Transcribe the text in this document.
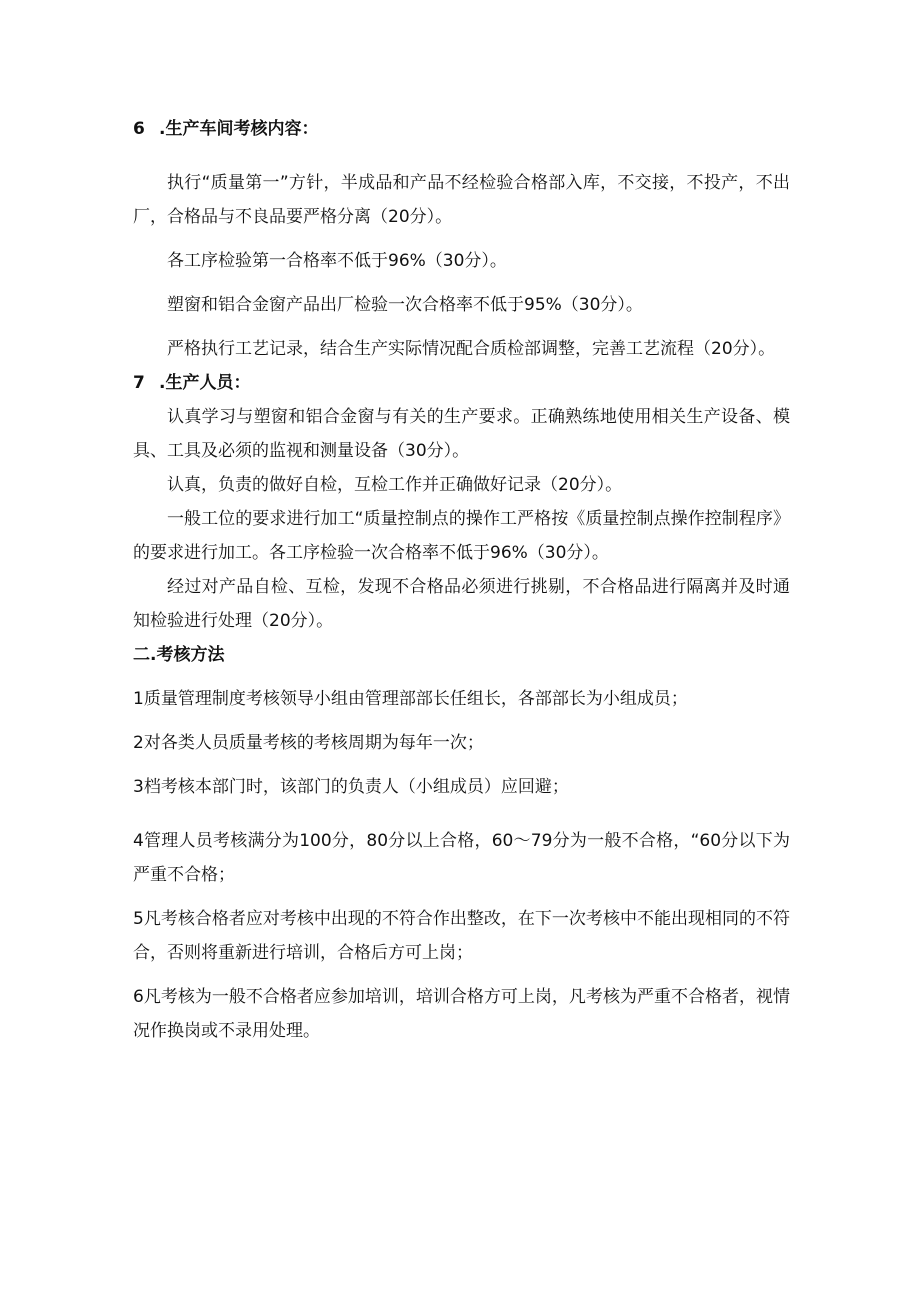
6 .生产车间考核内容：

执行“质量第一”方针，半成品和产品不经检验合格部入库，不交接，不投产，不出厂，合格品与不良品要严格分离（20分）。

各工序检验第一合格率不低于96%（30分）。

塑窗和铝合金窗产品出厂检验一次合格率不低于95%（30分）。

严格执行工艺记录，结合生产实际情况配合质检部调整，完善工艺流程（20分）。

7 .生产人员：

认真学习与塑窗和铝合金窗与有关的生产要求。正确熟练地使用相关生产设备、模具、工具及必须的监视和测量设备（30分）。

认真，负责的做好自检，互检工作并正确做好记录（20分）。

一般工位的要求进行加工“质量控制点的操作工严格按《质量控制点操作控制程序》的要求进行加工。各工序检验一次合格率不低于96%（30分）。

经过对产品自检、互检，发现不合格品必须进行挑剔，不合格品进行隔离并及时通知检验进行处理（20分）。

二.考核方法

1质量管理制度考核领导小组由管理部部长任组长，各部部长为小组成员；

2对各类人员质量考核的考核周期为每年一次；

3档考核本部门时，该部门的负责人（小组成员）应回避；

4管理人员考核满分为100分，80分以上合格，60～79分为一般不合格，“60分以下为严重不合格；

5凡考核合格者应对考核中出现的不符合作出整改，在下一次考核中不能出现相同的不符合，否则将重新进行培训，合格后方可上岗；

6凡考核为一般不合格者应参加培训，培训合格方可上岗，凡考核为严重不合格者，视情况作换岗或不录用处理。
